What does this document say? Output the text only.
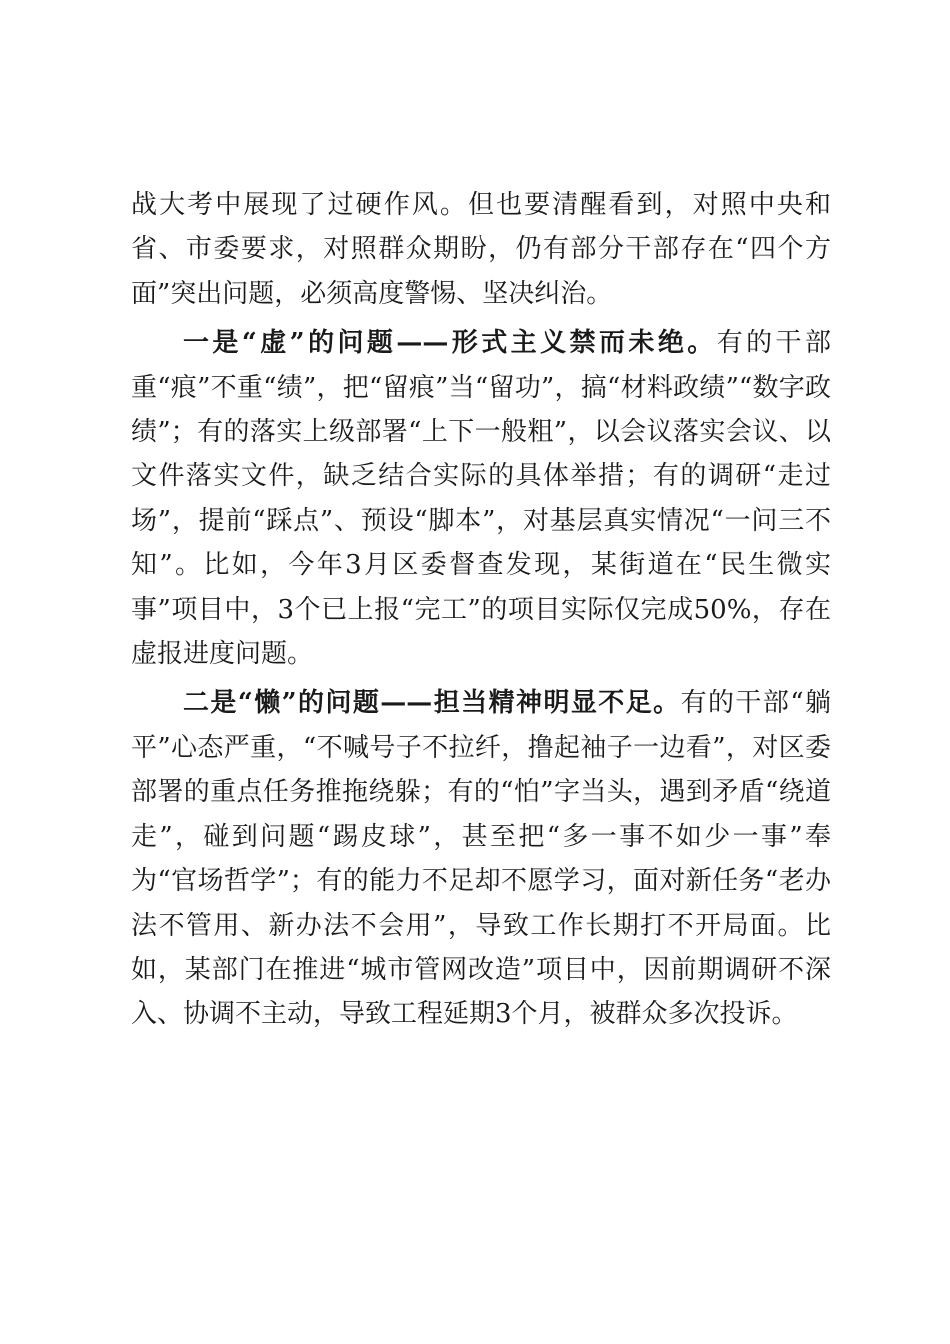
战大考中展现了过硬作风。但也要清醒看到，对照中央和省、市委要求，对照群众期盼，仍有部分干部存在“四个方面”突出问题，必须高度警惕、坚决纠治。

一是“虚”的问题——形式主义禁而未绝。有的干部重“痕”不重“绩”，把“留痕”当“留功”，搞“材料政绩”“数字政绩”；有的落实上级部署“上下一般粗”，以会议落实会议、以文件落实文件，缺乏结合实际的具体举措；有的调研“走过场”，提前“踩点”、预设“脚本”，对基层真实情况“一问三不知”。比如，今年3月区委督查发现，某街道在“民生微实事”项目中，3个已上报“完工”的项目实际仅完成50%，存在虚报进度问题。

二是“懒”的问题——担当精神明显不足。有的干部“躺平”心态严重，“不喊号子不拉纤，撸起袖子一边看”，对区委部署的重点任务推拖绕躲；有的“怕”字当头，遇到矛盾“绕道走”，碰到问题“踢皮球”，甚至把“多一事不如少一事”奉为“官场哲学”；有的能力不足却不愿学习，面对新任务“老办法不管用、新办法不会用”，导致工作长期打不开局面。比如，某部门在推进“城市管网改造”项目中，因前期调研不深入、协调不主动，导致工程延期3个月，被群众多次投诉。
